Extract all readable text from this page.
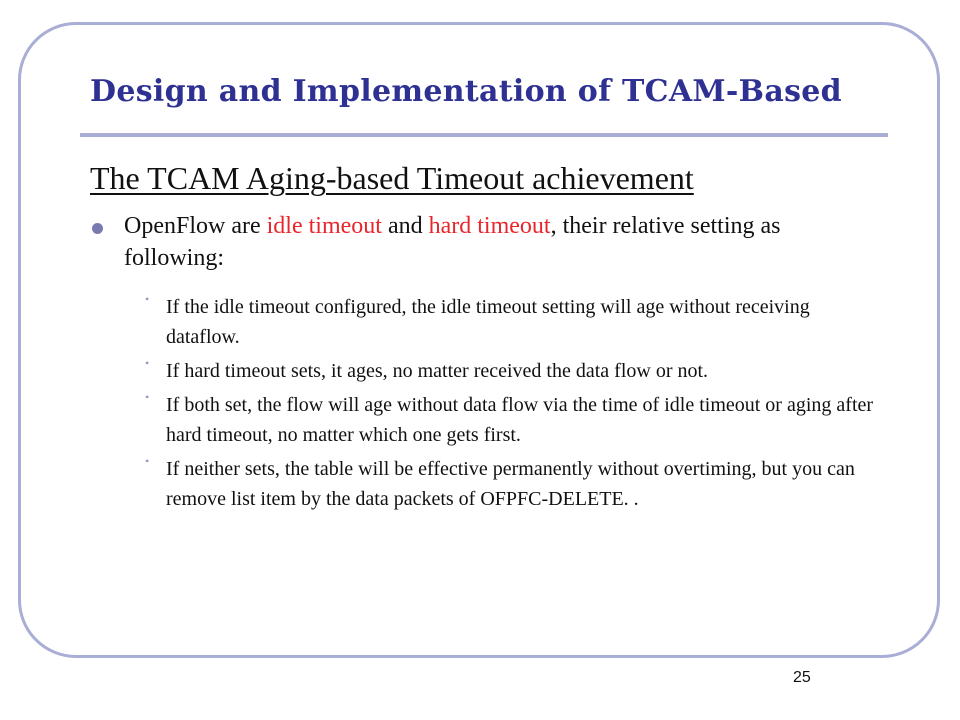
Design and Implementation of TCAM-Based
The TCAM Aging-based Timeout achievement
OpenFlow are idle timeout and hard timeout, their relative setting as following:
• If the idle timeout configured, the idle timeout setting will age without receiving dataflow.
• If hard timeout sets, it ages, no matter received the data flow or not.
• If both set, the flow will age without data flow via the time of idle timeout or aging after hard timeout, no matter which one gets first.
• If neither sets, the table will be effective permanently without overtiming, but you can remove list item by the data packets of OFPFC-DELETE. .
25
